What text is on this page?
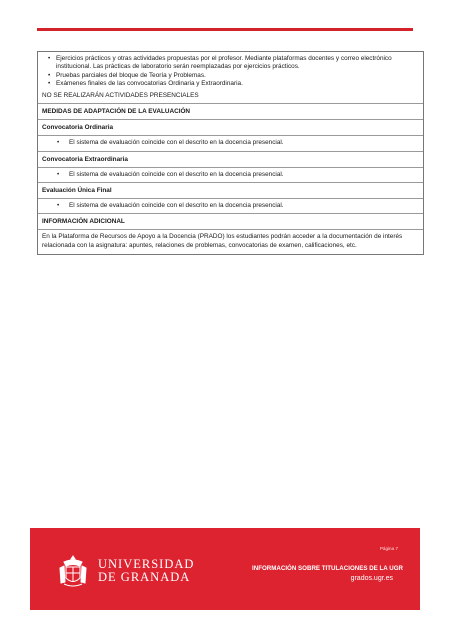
• Ejercicios prácticos y otras actividades propuestas por el profesor. Mediante plataformas docentes y correo electrónico institucional. Las prácticas de laboratorio serán reemplazadas por ejercicios prácticos.
• Pruebas parciales del bloque de Teoría y Problemas.
• Exámenes finales de las convocatorias Ordinaria y Extraordinaria.

NO SE REALIZARÁN ACTIVIDADES PRESENCIALES

MEDIDAS DE ADAPTACIÓN DE LA EVALUACIÓN

Convocatoria Ordinaria

• El sistema de evaluación coincide con el descrito en la docencia presencial.

Convocatoria Extraordinaria

• El sistema de evaluación coincide con el descrito en la docencia presencial.

Evaluación Única Final

• El sistema de evaluación coincide con el descrito en la docencia presencial.

INFORMACIÓN ADICIONAL

En la Plataforma de Recursos de Apoyo a la Docencia (PRADO) los estudiantes podrán acceder a la documentación de interés relacionada con la asignatura: apuntes, relaciones de problemas, convocatorias de examen, calificaciones, etc.

Página 7
UNIVERSIDAD
DE GRANADA
INFORMACIÓN SOBRE TITULACIONES DE LA UGR
grados.ugr.es
